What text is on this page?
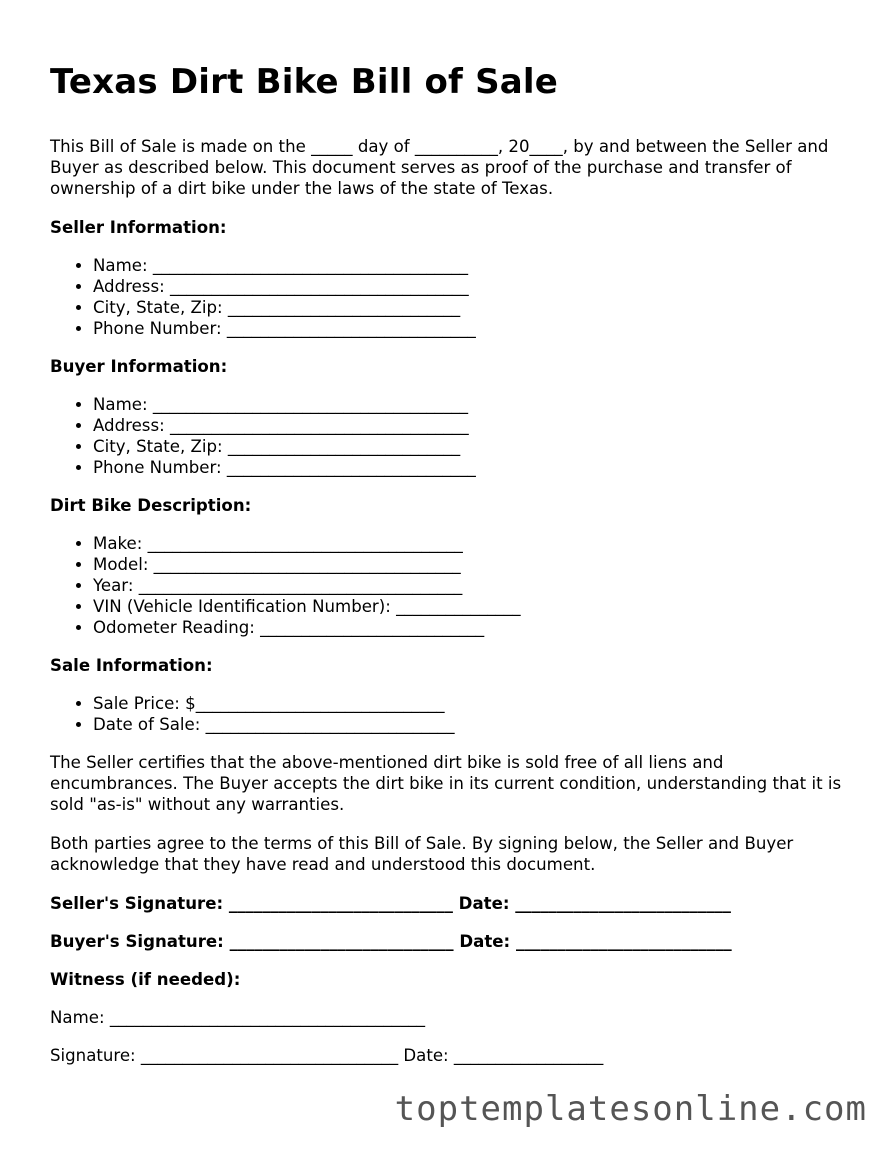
Texas Dirt Bike Bill of Sale

This Bill of Sale is made on the _____ day of __________, 20____, by and between the Seller and Buyer as described below. This document serves as proof of the purchase and transfer of ownership of a dirt bike under the laws of the state of Texas.

Seller Information:
• Name: ______________________________________
• Address: ____________________________________
• City, State, Zip: ____________________________
• Phone Number: ______________________________
Buyer Information:
• Name: ______________________________________
• Address: ____________________________________
• City, State, Zip: ____________________________
• Phone Number: ______________________________
Dirt Bike Description:
• Make: ______________________________________
• Model: _____________________________________
• Year: _______________________________________
• VIN (Vehicle Identification Number): _______________
• Odometer Reading: ___________________________
Sale Information:
• Sale Price: $______________________________
• Date of Sale: ______________________________

The Seller certifies that the above-mentioned dirt bike is sold free of all liens and encumbrances. The Buyer accepts the dirt bike in its current condition, understanding that it is sold "as-is" without any warranties.

Both parties agree to the terms of this Bill of Sale. By signing below, the Seller and Buyer acknowledge that they have read and understood this document.

Seller's Signature: ___________________________ Date: __________________________
Buyer's Signature: ___________________________ Date: __________________________
Witness (if needed):
Name: ______________________________________
Signature: _______________________________ Date: __________________
toptemplatesonline.com
